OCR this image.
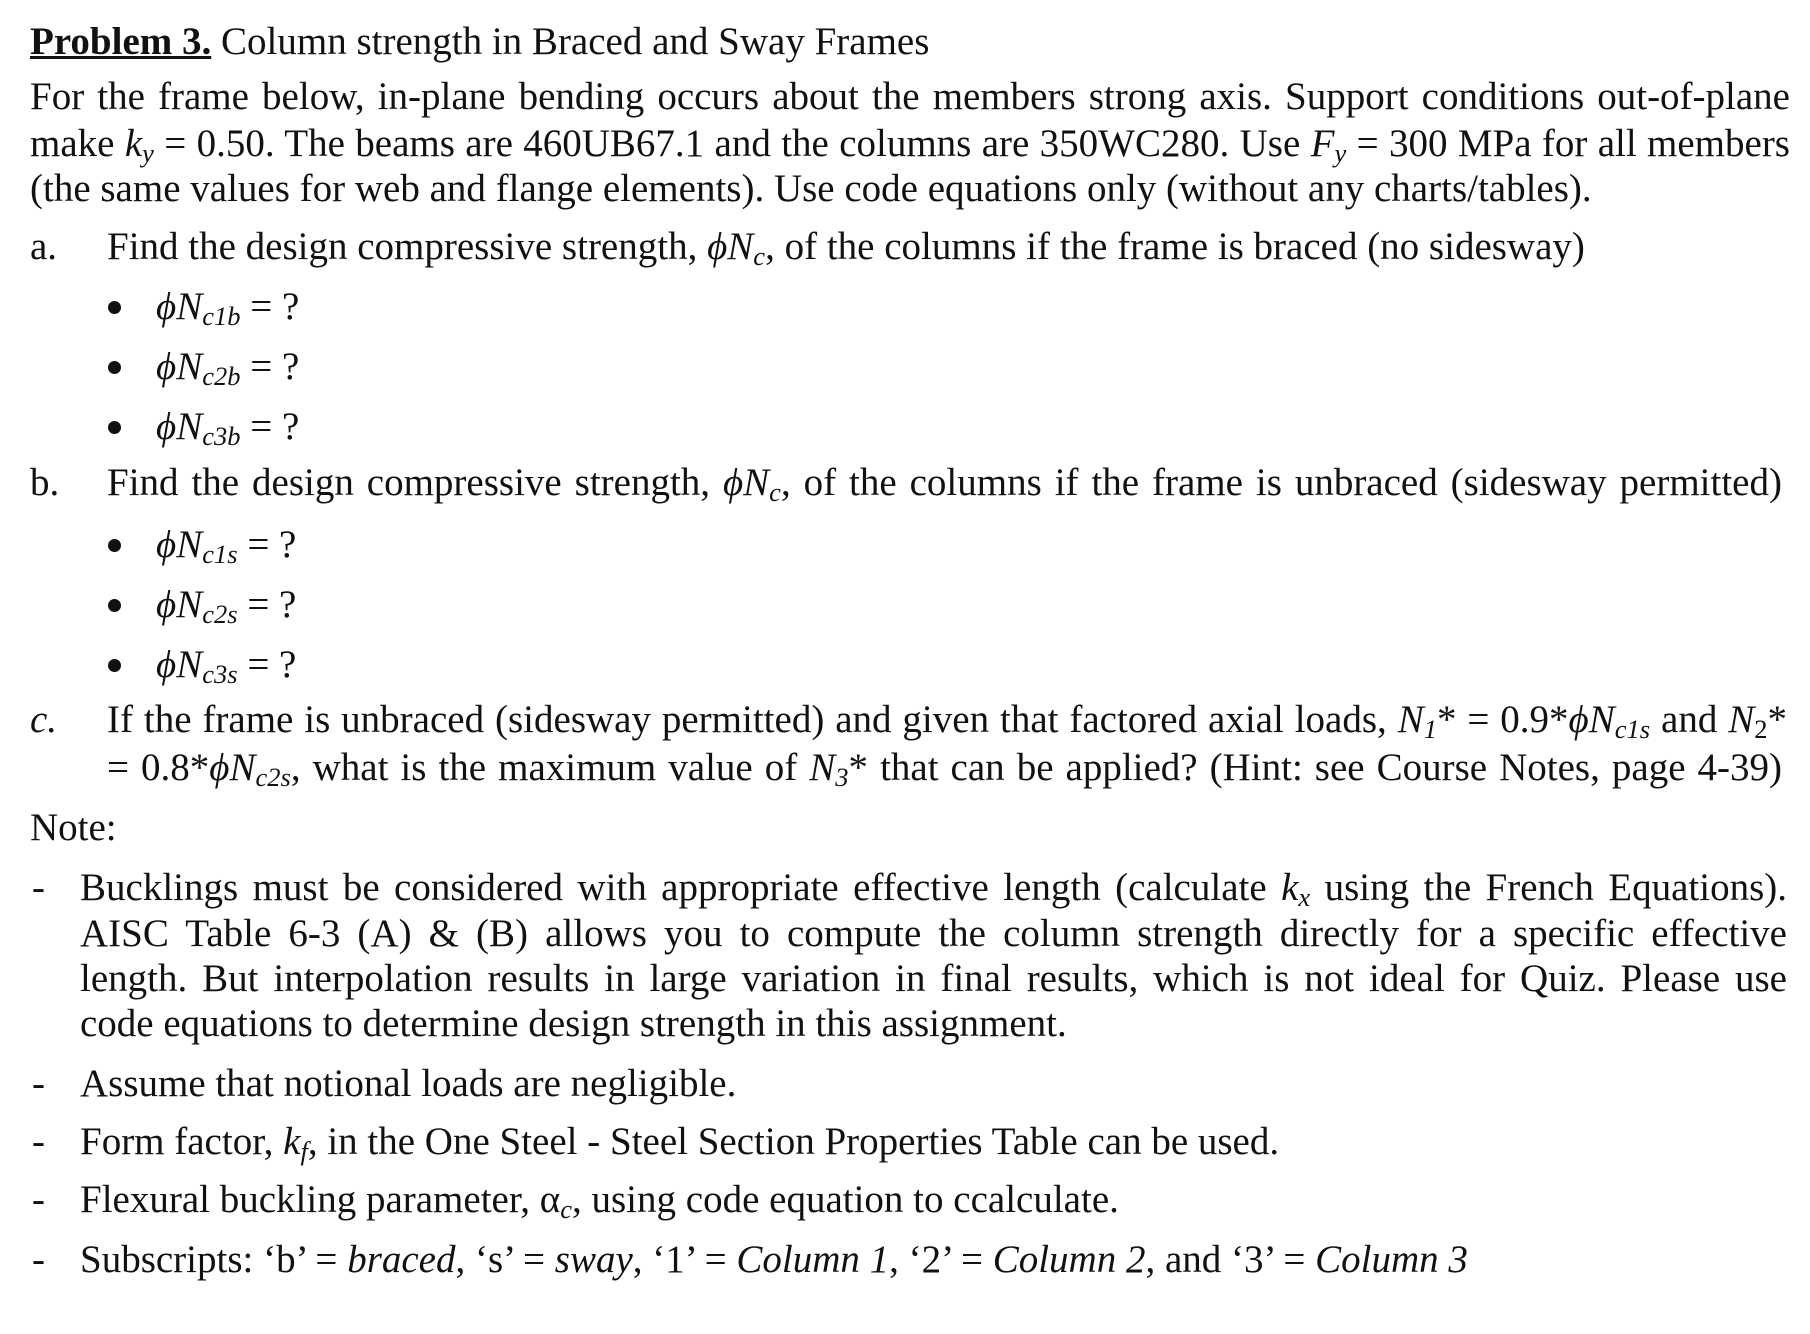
Problem 3. Column strength in Braced and Sway Frames
For the frame below, in-plane bending occurs about the members strong axis. Support conditions out-of-plane
make $k_y = 0.50$. The beams are 460UB67.1 and the columns are 350WC280. Use $F_y = 300$ MPa for all members
(the same values for web and flange elements). Use code equations only (without any charts/tables).
a. Find the design compressive strength, $\phi N_c$, of the columns if the frame is braced (no sidesway)
$\phi N_{c1b}$ = ?
$\phi N_{c2b}$ = ?
$\phi N_{c3b}$ = ?
b. Find the design compressive strength, $\phi N_c$, of the columns if the frame is unbraced (sidesway permitted)
$\phi N_{c1s}$ = ?
$\phi N_{c2s}$ = ?
$\phi N_{c3s}$ = ?
c. If the frame is unbraced (sidesway permitted) and given that factored axial loads, $N_1* = 0.9*\phi N_{c1s}$ and $N_2*$
= $0.8*\phi N_{c2s}$, what is the maximum value of $N_3*$ that can be applied? (Hint: see Course Notes, page 4-39)
Note:
- Bucklings must be considered with appropriate effective length (calculate $k_x$ using the French Equations).
AISC Table 6-3 (A) & (B) allows you to compute the column strength directly for a specific effective
length. But interpolation results in large variation in final results, which is not ideal for Quiz. Please use
code equations to determine design strength in this assignment.
- Assume that notional loads are negligible.
- Form factor, $k_f$, in the One Steel - Steel Section Properties Table can be used.
- Flexural buckling parameter, $\alpha_c$, using code equation to ccalculate.
- Subscripts: ‘b’ = braced, ‘s’ = sway, ‘1’ = Column 1, ‘2’ = Column 2, and ‘3’ = Column 3
